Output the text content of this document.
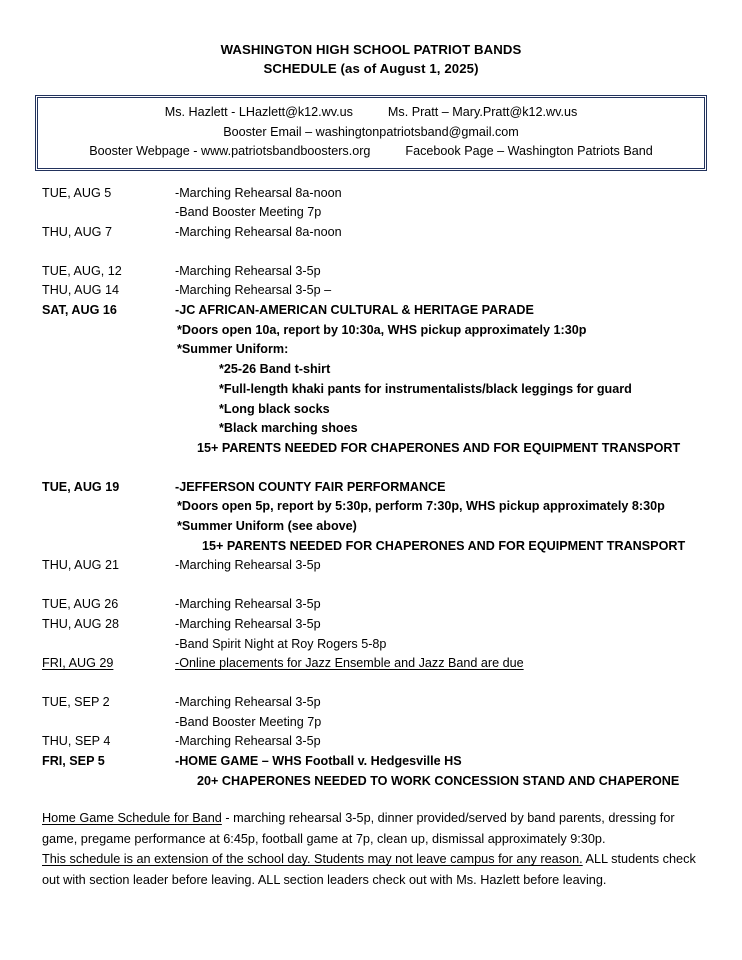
WASHINGTON HIGH SCHOOL PATRIOT BANDS
SCHEDULE (as of August 1, 2025)
Ms. Hazlett - LHazlett@k12.wv.us          Ms. Pratt – Mary.Pratt@k12.wv.us
Booster Email – washingtonpatriotsband@gmail.com
Booster Webpage - www.patriotsbandboosters.org          Facebook Page – Washington Patriots Band
TUE, AUG 5	-Marching Rehearsal 8a-noon
-Band Booster Meeting 7p
THU, AUG 7	-Marching Rehearsal 8a-noon
TUE, AUG, 12	-Marching Rehearsal 3-5p
THU, AUG 14	-Marching Rehearsal 3-5p –
SAT, AUG 16	-JC AFRICAN-AMERICAN CULTURAL & HERITAGE PARADE
*Doors open 10a, report by 10:30a, WHS pickup approximately 1:30p
*Summer Uniform:
*25-26 Band t-shirt
*Full-length khaki pants for instrumentalists/black leggings for guard
*Long black socks
*Black marching shoes
15+ PARENTS NEEDED FOR CHAPERONES AND FOR EQUIPMENT TRANSPORT
TUE, AUG 19	-JEFFERSON COUNTY FAIR PERFORMANCE
*Doors open 5p, report by 5:30p, perform 7:30p, WHS pickup approximately 8:30p
*Summer Uniform (see above)
15+ PARENTS NEEDED FOR CHAPERONES AND FOR EQUIPMENT TRANSPORT
THU, AUG 21	-Marching Rehearsal 3-5p
TUE, AUG 26	-Marching Rehearsal 3-5p
THU, AUG 28	-Marching Rehearsal 3-5p
-Band Spirit Night at Roy Rogers 5-8p
FRI, AUG 29	-Online placements for Jazz Ensemble and Jazz Band are due
TUE, SEP 2	-Marching Rehearsal 3-5p
-Band Booster Meeting 7p
THU, SEP 4	-Marching Rehearsal 3-5p
FRI, SEP 5	-HOME GAME – WHS Football v. Hedgesville HS
20+ CHAPERONES NEEDED TO WORK CONCESSION STAND AND CHAPERONE

Home Game Schedule for Band - marching rehearsal 3-5p, dinner provided/served by band parents, dressing for game, pregame performance at 6:45p, football game at 7p, clean up, dismissal approximately 9:30p.

This schedule is an extension of the school day. Students may not leave campus for any reason. ALL students check out with section leader before leaving. ALL section leaders check out with Ms. Hazlett before leaving.
